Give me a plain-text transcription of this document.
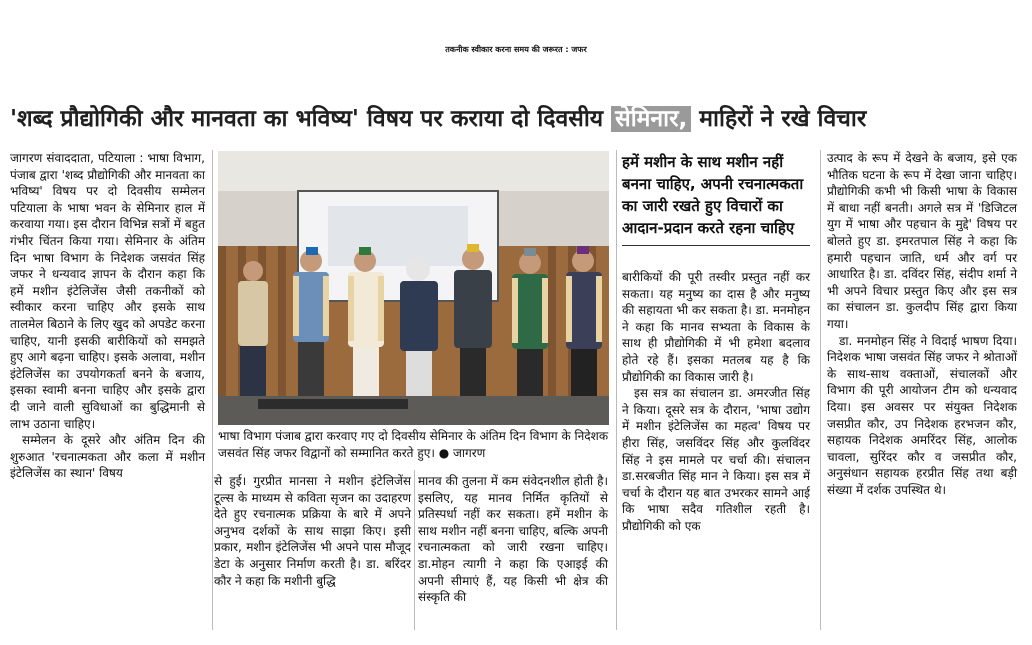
तकनीक स्वीकार करना समय की जरूरत : जफर
'शब्द प्रौद्योगिकी और मानवता का भविष्य' विषय पर कराया दो दिवसीय सेमिनार, माहिरों ने रखे विचार

जागरण संवाददाता, पटियाला : भाषा विभाग, पंजाब द्वारा 'शब्द प्रौद्योगिकी और मानवता का भविष्य' विषय पर दो दिवसीय सम्मेलन पटियाला के भाषा भवन के सेमिनार हाल में करवाया गया। इस दौरान विभिन्न सत्रों में बहुत गंभीर चिंतन किया गया। सेमिनार के अंतिम दिन भाषा विभाग के निदेशक जसवंत सिंह जफर ने धन्यवाद ज्ञापन के दौरान कहा कि हमें मशीन इंटेलिजेंस जैसी तकनीकों को स्वीकार करना चाहिए और इसके साथ तालमेल बिठाने के लिए खुद को अपडेट करना चाहिए, यानी इसकी बारीकियों को समझते हुए आगे बढ़ना चाहिए। इसके अलावा, मशीन इंटेलिजेंस का उपयोगकर्ता बनने के बजाय, इसका स्वामी बनना चाहिए और इसके द्वारा दी जाने वाली सुविधाओं का बुद्धिमानी से लाभ उठाना चाहिए।

सम्मेलन के दूसरे और अंतिम दिन की शुरुआत 'रचनात्मकता और कला में मशीन इंटेलिजेंस का स्थान' विषय

भाषा विभाग पंजाब द्वारा करवाए गए दो दिवसीय सेमिनार के अंतिम दिन विभाग के निदेशक जसवंत सिंह जफर विद्वानों को सम्मानित करते हुए। ● जागरण
हमें मशीन के साथ मशीन नहीं बनना चाहिए, अपनी रचनात्मकता का जारी रखते हुए विचारों का आदान-प्रदान करते रहना चाहिए

से हुई। गुरप्रीत मानसा ने मशीन इंटेलिजेंस टूल्स के माध्यम से कविता सृजन का उदाहरण देते हुए रचनात्मक प्रक्रिया के बारे में अपने अनुभव दर्शकों के साथ साझा किए। इसी प्रकार, मशीन इंटेलिजेंस भी अपने पास मौजूद डेटा के अनुसार निर्माण करती है। डा. बरिंदर कौर ने कहा कि मशीनी बुद्धि

मानव की तुलना में कम संवेदनशील होती है। इसलिए, यह मानव निर्मित कृतियों से प्रतिस्पर्धा नहीं कर सकता। हमें मशीन के साथ मशीन नहीं बनना चाहिए, बल्कि अपनी रचनात्मकता को जारी रखना चाहिए। डा.मोहन त्यागी ने कहा कि एआइई की अपनी सीमाएं हैं, यह किसी भी क्षेत्र की संस्कृति की

बारीकियों की पूरी तस्वीर प्रस्तुत नहीं कर सकता। यह मनुष्य का दास है और मनुष्य की सहायता भी कर सकता है। डा. मनमोहन ने कहा कि मानव सभ्यता के विकास के साथ ही प्रौद्योगिकी में भी हमेशा बदलाव होते रहे हैं। इसका मतलब यह है कि प्रौद्योगिकी का विकास जारी है।

इस सत्र का संचालन डा. अमरजीत सिंह ने किया। दूसरे सत्र के दौरान, 'भाषा उद्योग में मशीन इंटेलिजेंस का महत्व' विषय पर हीरा सिंह, जसविंदर सिंह और कुलविंदर सिंह ने इस मामले पर चर्चा की। संचालन डा.सरबजीत सिंह मान ने किया। इस सत्र में चर्चा के दौरान यह बात उभरकर सामने आई कि भाषा सदैव गतिशील रहती है। प्रौद्योगिकी को एक

उत्पाद के रूप में देखने के बजाय, इसे एक भौतिक घटना के रूप में देखा जाना चाहिए। प्रौद्योगिकी कभी भी किसी भाषा के विकास में बाधा नहीं बनती। अगले सत्र में 'डिजिटल युग में भाषा और पहचान के मुद्दे' विषय पर बोलते हुए डा. इमरतपाल सिंह ने कहा कि हमारी पहचान जाति, धर्म और वर्ग पर आधारित है। डा. दविंदर सिंह, संदीप शर्मा ने भी अपने विचार प्रस्तुत किए और इस सत्र का संचालन डा. कुलदीप सिंह द्वारा किया गया।

डा. मनमोहन सिंह ने विदाई भाषण दिया। निदेशक भाषा जसवंत सिंह जफर ने श्रोताओं के साथ-साथ वक्ताओं, संचालकों और विभाग की पूरी आयोजन टीम को धन्यवाद दिया। इस अवसर पर संयुक्त निदेशक जसप्रीत कौर, उप निदेशक हरभजन कौर, सहायक निदेशक अमरिंदर सिंह, आलोक चावला, सुरिंदर कौर व जसप्रीत कौर, अनुसंधान सहायक हरप्रीत सिंह तथा बड़ी संख्या में दर्शक उपस्थित थे।
